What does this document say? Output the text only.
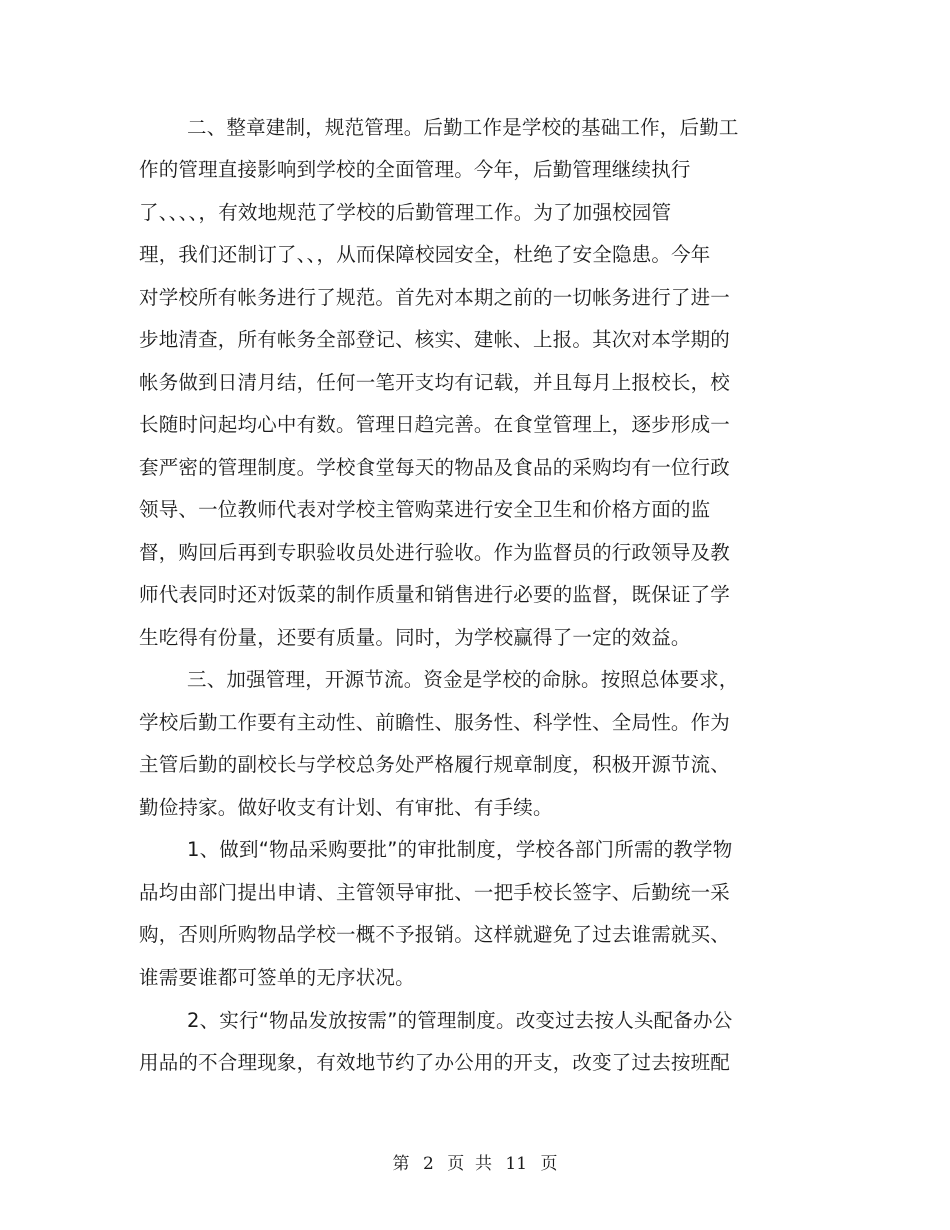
二、整章建制，规范管理。后勤工作是学校的基础工作，后勤工
作的管理直接影响到学校的全面管理。今年，后勤管理继续执行
了、、、、，有效地规范了学校的后勤管理工作。为了加强校园管
理，我们还制订了、、，从而保障校园安全，杜绝了安全隐患。今年
对学校所有帐务进行了规范。首先对本期之前的一切帐务进行了进一
步地清查，所有帐务全部登记、核实、建帐、上报。其次对本学期的
帐务做到日清月结，任何一笔开支均有记载，并且每月上报校长，校
长随时问起均心中有数。管理日趋完善。在食堂管理上，逐步形成一
套严密的管理制度。学校食堂每天的物品及食品的采购均有一位行政
领导、一位教师代表对学校主管购菜进行安全卫生和价格方面的监
督，购回后再到专职验收员处进行验收。作为监督员的行政领导及教
师代表同时还对饭菜的制作质量和销售进行必要的监督，既保证了学
生吃得有份量，还要有质量。同时，为学校赢得了一定的效益。
三、加强管理，开源节流。资金是学校的命脉。按照总体要求，
学校后勤工作要有主动性、前瞻性、服务性、科学性、全局性。作为
主管后勤的副校长与学校总务处严格履行规章制度，积极开源节流、
勤俭持家。做好收支有计划、有审批、有手续。
1、做到“物品采购要批”的审批制度，学校各部门所需的教学物
品均由部门提出申请、主管领导审批、一把手校长签字、后勤统一采
购，否则所购物品学校一概不予报销。这样就避免了过去谁需就买、
谁需要谁都可签单的无序状况。
2、实行“物品发放按需”的管理制度。改变过去按人头配备办公
用品的不合理现象，有效地节约了办公用的开支，改变了过去按班配
第 2 页  共 11 页
